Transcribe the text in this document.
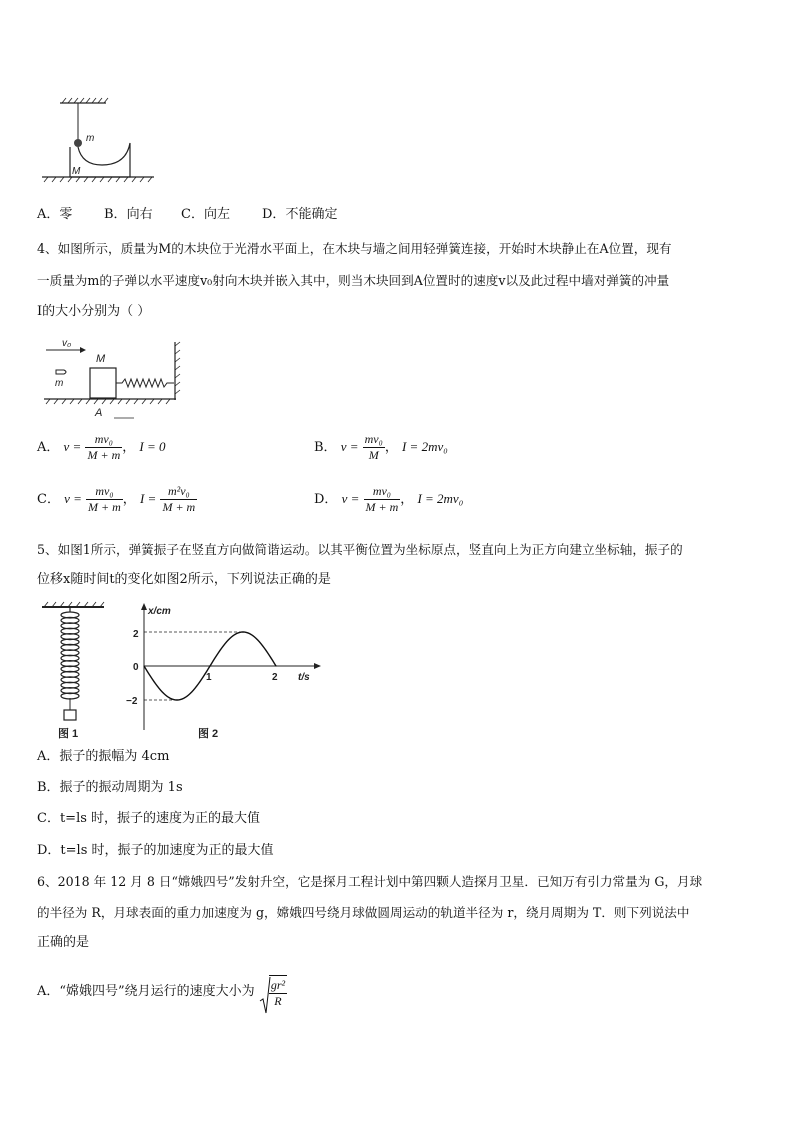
m
M
A．零 B．向右 C．向左 D．不能确定
4、如图所示，质量为M的木块位于光滑水平面上，在木块与墙之间用轻弹簧连接，开始时木块静止在A位置，现有
一质量为m的子弹以水平速度v₀射向木块并嵌入其中，则当木块回到A位置时的速度v以及此过程中墙对弹簧的冲量
I的大小分别为（ ）
v₀
m
M
A
A． $v = \frac{\text{mv₀}}{M + m}$ ， I = 0	B． $v = \frac{\text{mv₀}}{M}$ ， I = 2mv₀
C． $v = \frac{\text{mv₀}}{M + m}$ ， $I = \frac{\text{m²v₀}}{M + m}$	D． $v = \frac{\text{mv₀}}{M + m}$ ， I = 2mv₀
5、如图1所示，弹簧振子在竖直方向做简谐运动。以其平衡位置为坐标原点，竖直向上为正方向建立坐标轴，振子的
位移x随时间t的变化如图2所示，下列说法正确的是
图 1
x/cm
t/s
2
0
−2
1	2
图 2
A．振子的振幅为 4cm
B．振子的振动周期为 1s
C．t=ls 时，振子的速度为正的最大值
D．t=ls 时，振子的加速度为正的最大值
6、2018 年 12 月 8 日“嫦娥四号”发射升空，它是探月工程计划中第四颗人造探月卫星．已知万有引力常量为 G，月球
的半径为 R，月球表面的重力加速度为 g，嫦娥四号绕月球做圆周运动的轨道半径为 r，绕月周期为 T．则下列说法中
正确的是
A．“嫦娥四号”绕月运行的速度大小为 $\frac{\text{gr²}}{R}$
